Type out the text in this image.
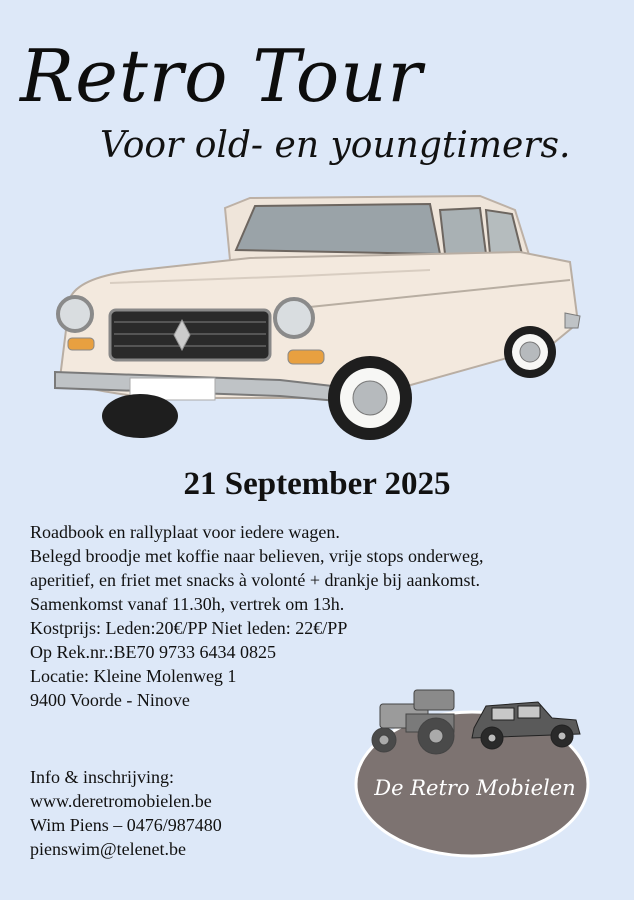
Retro Tour
Voor old- en youngtimers.
21 September 2025
Roadbook en rallyplaat voor iedere wagen.
Belegd broodje met koffie naar believen, vrije stops onderweg,
aperitief, en friet met snacks à volonté + drankje bij aankomst.
Samenkomst vanaf 11.30h, vertrek om 13h.
Kostprijs: Leden:20€/PP Niet leden: 22€/PP
Op Rek.nr.:BE70 9733 6434 0825
Locatie: Kleine Molenweg 1
9400 Voorde - Ninove
Info & inschrijving:
www.deretromobielen.be
Wim Piens – 0476/987480
pienswim@telenet.be
De Retro Mobielen
